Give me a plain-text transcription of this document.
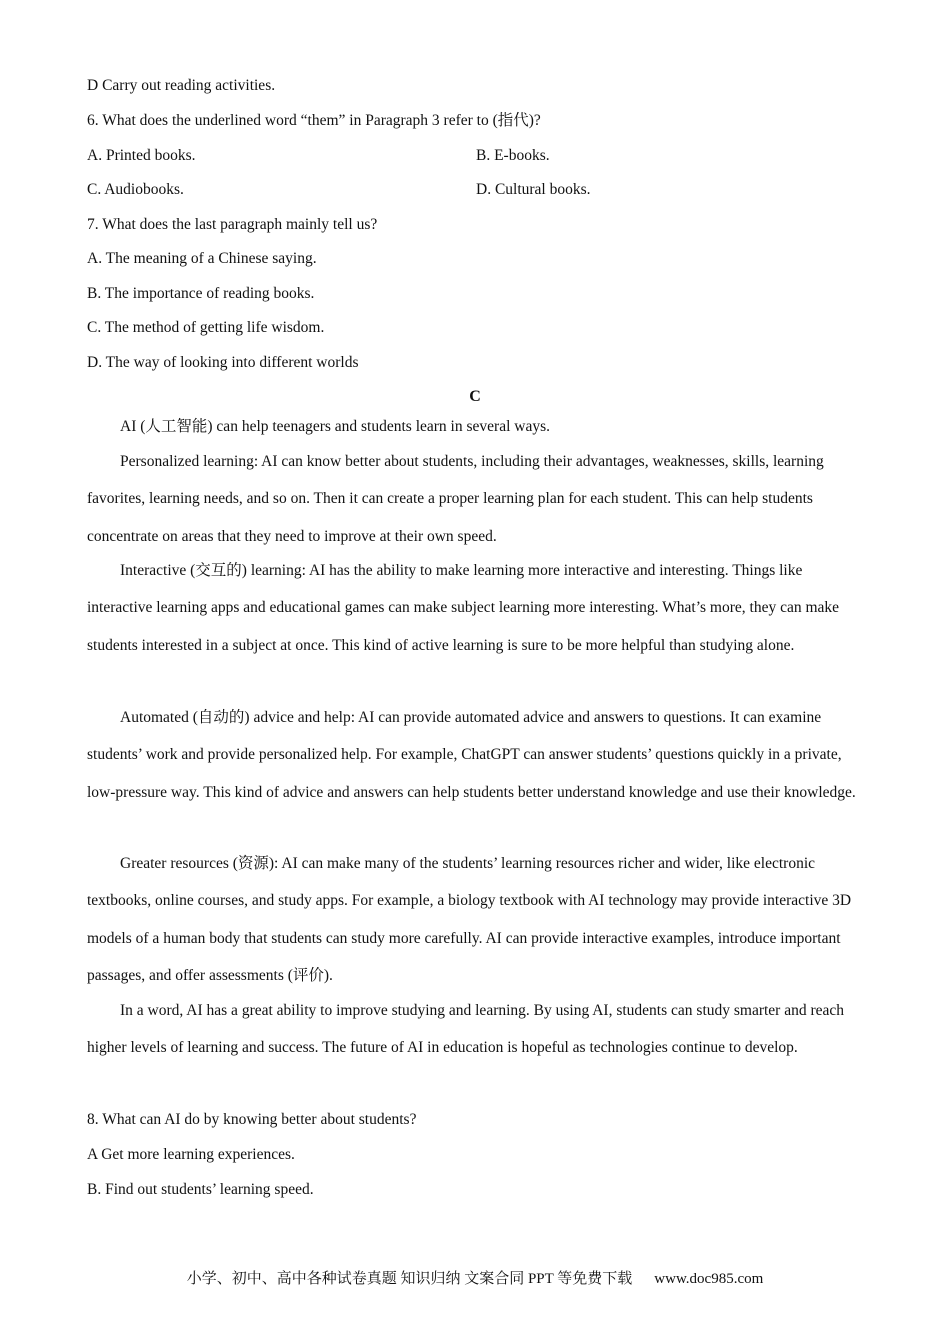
D Carry out reading activities.
6. What does the underlined word “them” in Paragraph 3 refer to (指代)?
A. Printed books.	B. E-books.
C. Audiobooks.	D. Cultural books.
7. What does the last paragraph mainly tell us?
A. The meaning of a Chinese saying.
B. The importance of reading books.
C. The method of getting life wisdom.
D. The way of looking into different worlds
C
AI (人工智能) can help teenagers and students learn in several ways.
Personalized learning: AI can know better about students, including their advantages, weaknesses, skills, learning favorites, learning needs, and so on. Then it can create a proper learning plan for each student. This can help students concentrate on areas that they need to improve at their own speed.
Interactive (交互的) learning: AI has the ability to make learning more interactive and interesting. Things like interactive learning apps and educational games can make subject learning more interesting. What’s more, they can make students interested in a subject at once. This kind of active learning is sure to be more helpful than studying alone.
Automated (自动的) advice and help: AI can provide automated advice and answers to questions. It can examine students’ work and provide personalized help. For example, ChatGPT can answer students’ questions quickly in a private, low-pressure way. This kind of advice and answers can help students better understand knowledge and use their knowledge.
Greater resources (资源): AI can make many of the students’ learning resources richer and wider, like electronic textbooks, online courses, and study apps. For example, a biology textbook with AI technology may provide interactive 3D models of a human body that students can study more carefully. AI can provide interactive examples, introduce important passages, and offer assessments (评价).
In a word, AI has a great ability to improve studying and learning. By using AI, students can study smarter and reach higher levels of learning and success. The future of AI in education is hopeful as technologies continue to develop.
8. What can AI do by knowing better about students?
A Get more learning experiences.
B. Find out students’ learning speed.
小学、初中、高中各种试卷真题 知识归纳 文案合同 PPT 等免费下载 www.doc985.com
